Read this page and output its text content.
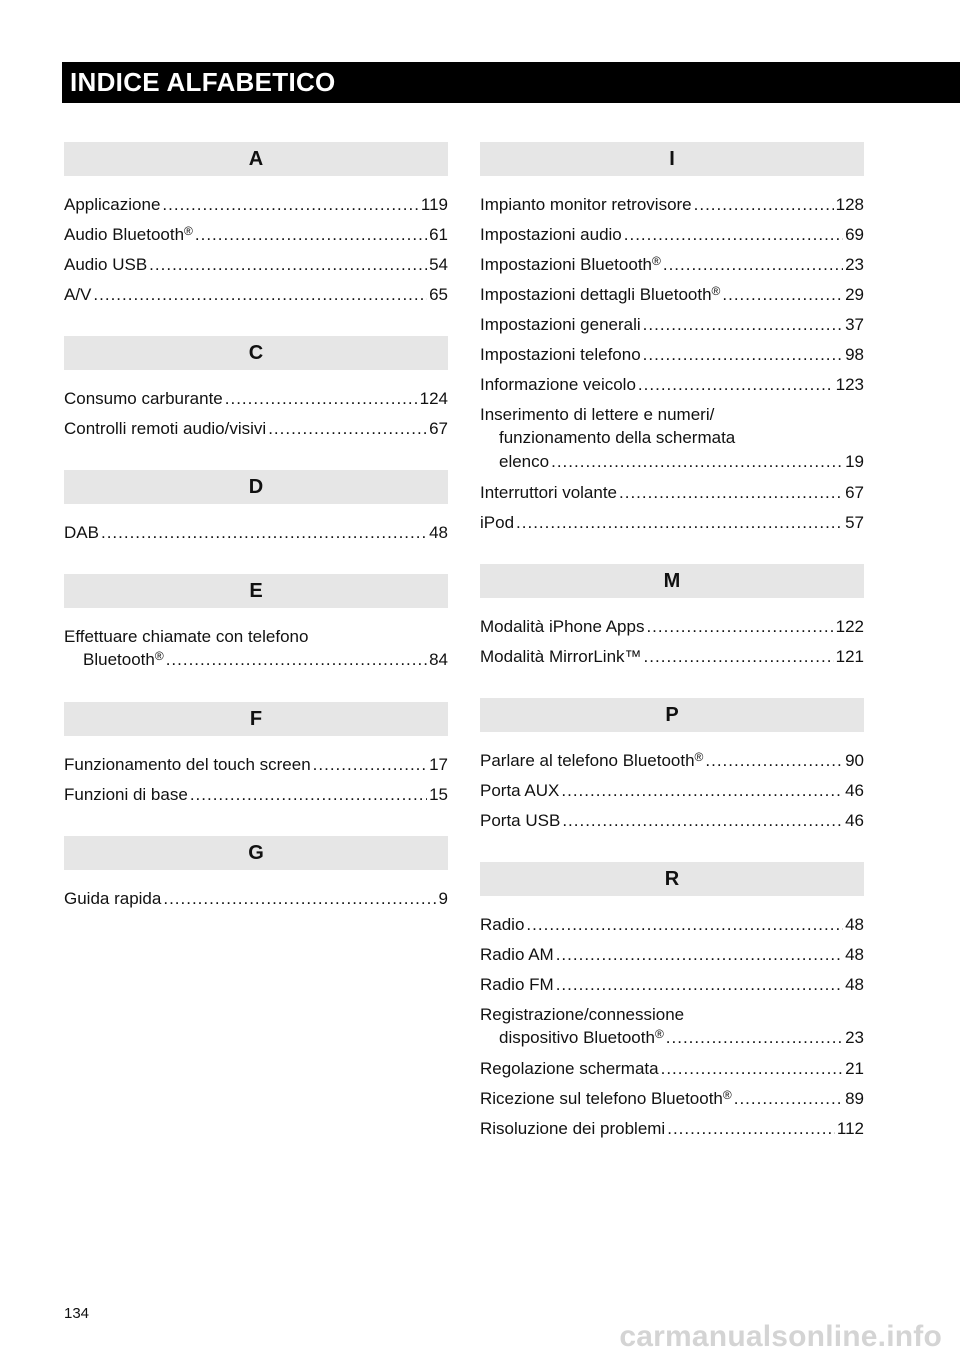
INDICE ALFABETICO
A
Applicazione .....	119
Audio Bluetooth® .....	61
Audio USB .....	54
A/V .....	65
C
Consumo carburante .....	124
Controlli remoti audio/visivi .....	67
D
DAB .....	48
E
Effettuare chiamate con telefono
Bluetooth® .....	84
F
Funzionamento del touch screen .....	17
Funzioni di base .....	15
G
Guida rapida .....	9
I
Impianto monitor retrovisore .....	128
Impostazioni audio .....	69
Impostazioni Bluetooth® .....	23
Impostazioni dettagli Bluetooth® .....	29
Impostazioni generali .....	37
Impostazioni telefono .....	98
Informazione veicolo .....	123
Inserimento di lettere e numeri/
funzionamento della schermata
elenco .....	19
Interruttori volante .....	67
iPod .....	57
M
Modalità iPhone Apps .....	122
Modalità MirrorLink™ .....	121
P
Parlare al telefono Bluetooth® .....	90
Porta AUX .....	46
Porta USB .....	46
R
Radio .....	48
Radio AM .....	48
Radio FM .....	48
Registrazione/connessione
dispositivo Bluetooth® .....	23
Regolazione schermata .....	21
Ricezione sul telefono Bluetooth® .....	89
Risoluzione dei problemi .....	112
134
carmanualsonline.info
